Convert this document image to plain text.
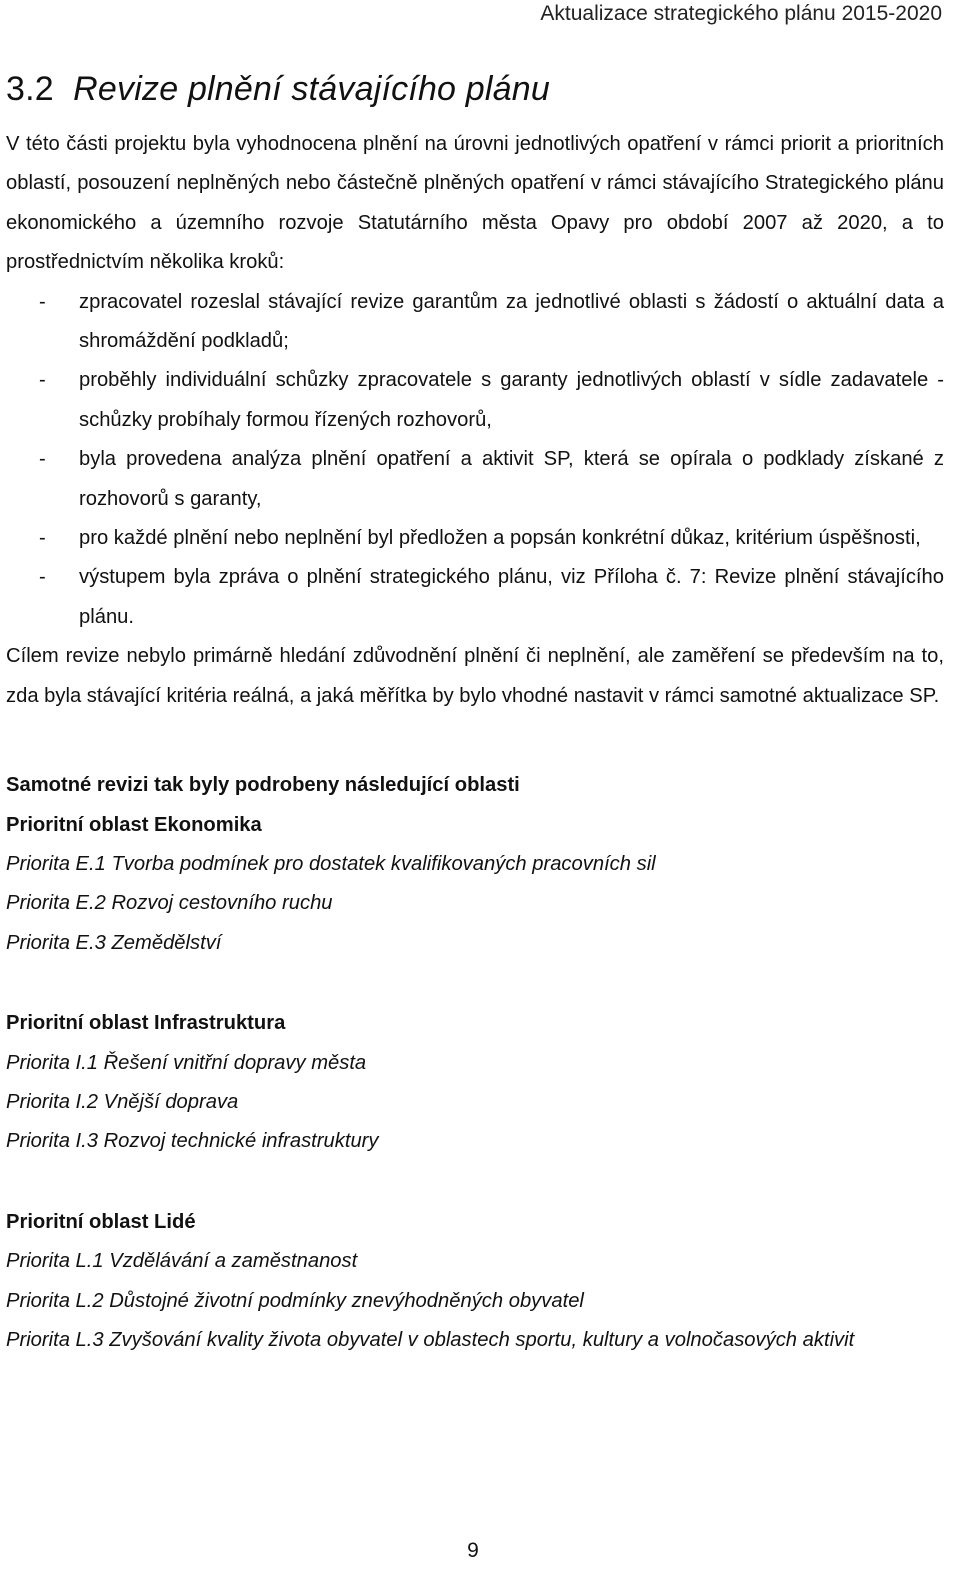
Aktualizace strategického plánu 2015-2020
3.2 Revize plnění stávajícího plánu

V této části projektu byla vyhodnocena plnění na úrovni jednotlivých opatření v rámci priorit a prioritních oblastí, posouzení neplněných nebo částečně plněných opatření v rámci stávajícího Strategického plánu ekonomického a územního rozvoje Statutárního města Opavy pro období 2007 až 2020, a to prostřednictvím několika kroků:

- zpracovatel rozeslal stávající revize garantům za jednotlivé oblasti s žádostí o aktuální data a shromáždění podkladů;
- proběhly individuální schůzky zpracovatele s garanty jednotlivých oblastí v sídle zadavatele - schůzky probíhaly formou řízených rozhovorů,
- byla provedena analýza plnění opatření a aktivit SP, která se opírala o podklady získané z rozhovorů s garanty,
- pro každé plnění nebo neplnění byl předložen a popsán konkrétní důkaz, kritérium úspěšnosti,
- výstupem byla zpráva o plnění strategického plánu, viz Příloha č. 7: Revize plnění stávajícího plánu.

Cílem revize nebylo primárně hledání zdůvodnění plnění či neplnění, ale zaměření se především na to, zda byla stávající kritéria reálná, a jaká měřítka by bylo vhodné nastavit v rámci samotné aktualizace SP.

Samotné revizi tak byly podrobeny následující oblasti
Prioritní oblast Ekonomika
Priorita E.1 Tvorba podmínek pro dostatek kvalifikovaných pracovních sil
Priorita E.2 Rozvoj cestovního ruchu
Priorita E.3 Zemědělství
Prioritní oblast Infrastruktura
Priorita I.1 Řešení vnitřní dopravy města
Priorita I.2 Vnější doprava
Priorita I.3 Rozvoj technické infrastruktury
Prioritní oblast Lidé
Priorita L.1 Vzdělávání a zaměstnanost
Priorita L.2 Důstojné životní podmínky znevýhodněných obyvatel

Priorita L.3 Zvyšování kvality života obyvatel v oblastech sportu, kultury a volnočasových aktivit

9
